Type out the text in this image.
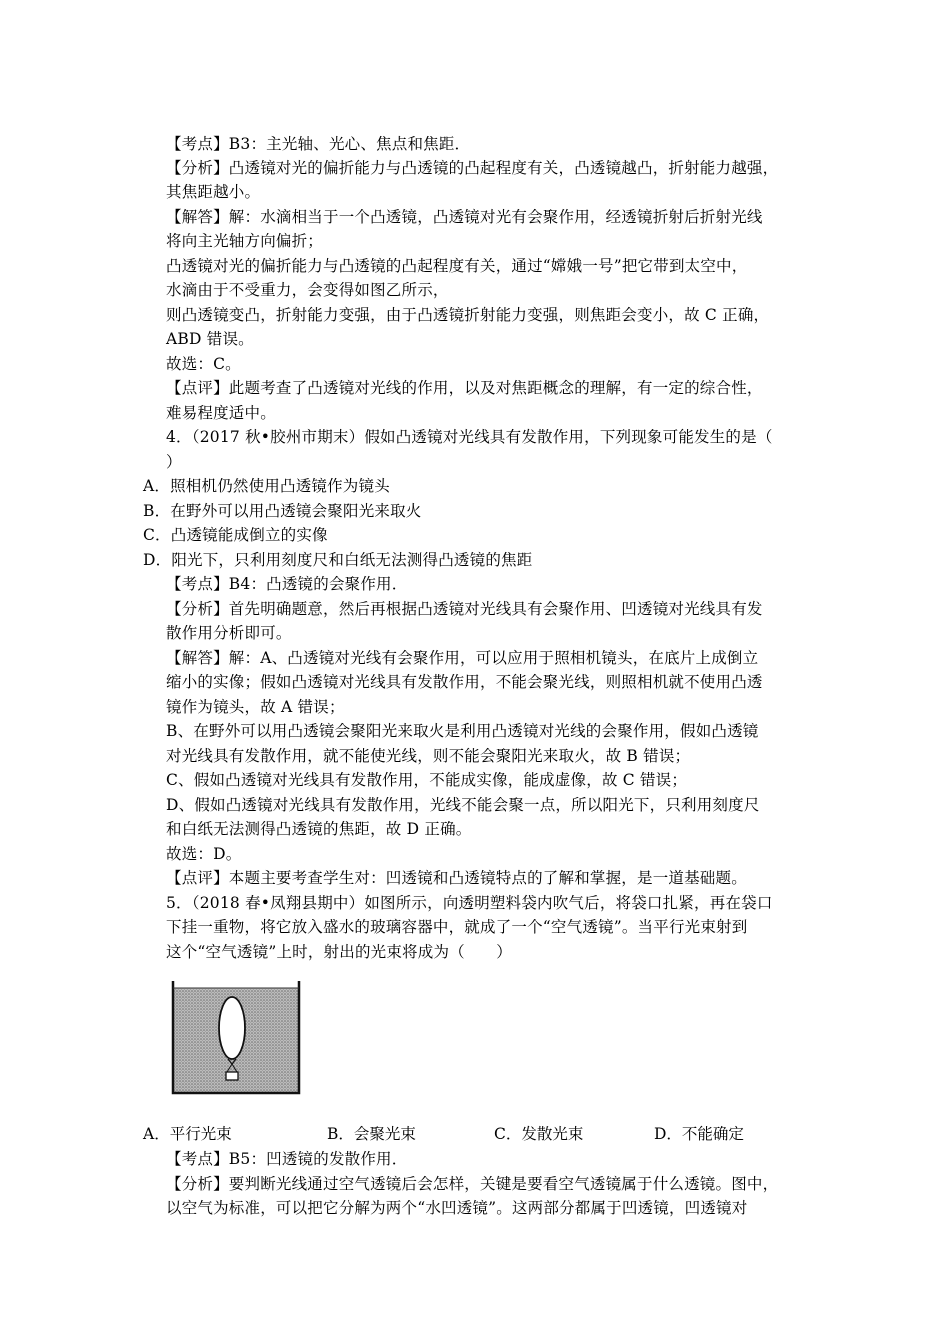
【考点】B3：主光轴、光心、焦点和焦距．
【分析】凸透镜对光的偏折能力与凸透镜的凸起程度有关，凸透镜越凸，折射能力越强，
其焦距越小。
【解答】解：水滴相当于一个凸透镜，凸透镜对光有会聚作用，经透镜折射后折射光线
将向主光轴方向偏折；
凸透镜对光的偏折能力与凸透镜的凸起程度有关，通过“嫦娥一号”把它带到太空中，
水滴由于不受重力，会变得如图乙所示，
则凸透镜变凸，折射能力变强，由于凸透镜折射能力变强，则焦距会变小，故 C 正确，
ABD 错误。
故选：C。
【点评】此题考查了凸透镜对光线的作用，以及对焦距概念的理解，有一定的综合性，
难易程度适中。
4．（2017 秋•胶州市期末）假如凸透镜对光线具有发散作用，下列现象可能发生的是（
）
A．照相机仍然使用凸透镜作为镜头
B．在野外可以用凸透镜会聚阳光来取火
C．凸透镜能成倒立的实像
D．阳光下，只利用刻度尺和白纸无法测得凸透镜的焦距
【考点】B4：凸透镜的会聚作用．
【分析】首先明确题意，然后再根据凸透镜对光线具有会聚作用、凹透镜对光线具有发
散作用分析即可。
【解答】解：A、凸透镜对光线有会聚作用，可以应用于照相机镜头，在底片上成倒立
缩小的实像；假如凸透镜对光线具有发散作用，不能会聚光线，则照相机就不使用凸透
镜作为镜头，故 A 错误；
B、在野外可以用凸透镜会聚阳光来取火是利用凸透镜对光线的会聚作用，假如凸透镜
对光线具有发散作用，就不能使光线，则不能会聚阳光来取火，故 B 错误；
C、假如凸透镜对光线具有发散作用，不能成实像，能成虚像，故 C 错误；
D、假如凸透镜对光线具有发散作用，光线不能会聚一点，所以阳光下，只利用刻度尺
和白纸无法测得凸透镜的焦距，故 D 正确。
故选：D。
【点评】本题主要考查学生对：凹透镜和凸透镜特点的了解和掌握，是一道基础题。
5．（2018 春•凤翔县期中）如图所示，向透明塑料袋内吹气后，将袋口扎紧，再在袋口
下挂一重物，将它放入盛水的玻璃容器中，就成了一个“空气透镜”。当平行光束射到
这个“空气透镜”上时，射出的光束将成为（　　）
A．平行光束	B．会聚光束	C．发散光束	D．不能确定
【考点】B5：凹透镜的发散作用．
【分析】要判断光线通过空气透镜后会怎样，关键是要看空气透镜属于什么透镜。图中，
以空气为标准，可以把它分解为两个“水凹透镜”。这两部分都属于凹透镜，凹透镜对
